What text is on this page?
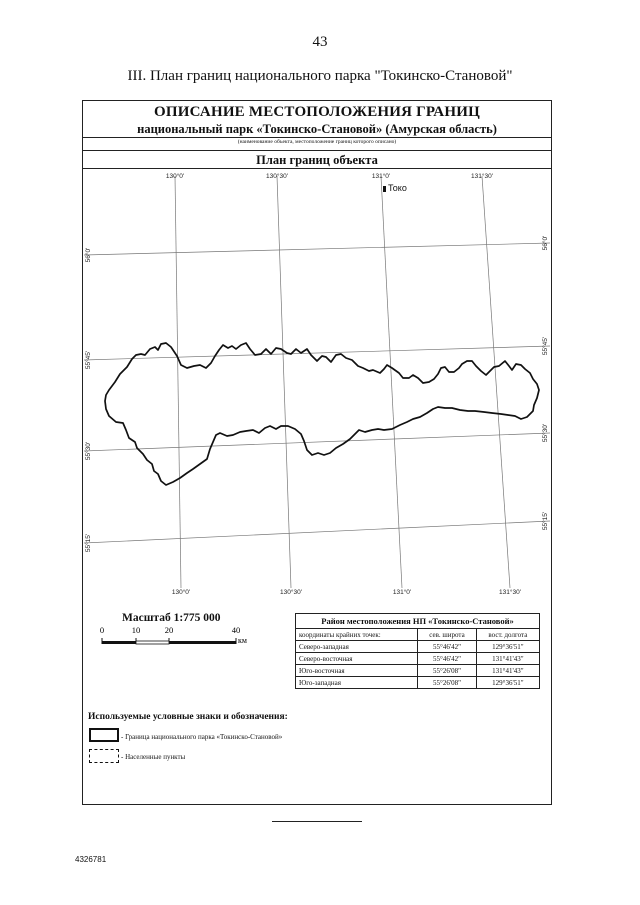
43
III. План границ национального парка "Токинско-Становой"
ОПИСАНИЕ МЕСТОПОЛОЖЕНИЯ ГРАНИЦ
национальный парк «Токинско-Становой» (Амурская область)
(наименование объекта, местоположение границ которого описано)
План границ объекта
130°0'	130°30'	131°0'	131°30'
130°0'	130°30'	131°0'	131°30'
56°0'
55°45'
55°30'
55°15'
56°0'
55°45'
55°30'
55°15'
Токо
Масштаб 1:775 000
0	10	20	40
км
Район местоположения НП «Токинско-Становой»		
координаты крайних точек:	сев. широта	вост. долгота
Северо-западная	55°46'42"	129°36'51"
Северо-восточная	55°46'42"	131°41'43"
Юго-восточная	55°26'08"	131°41'43"
Юго-западная	55°26'08"	129°36'51"
Используемые условные знаки и обозначения:
- Граница национального парка «Токинско-Становой»
- Населенные пункты
4326781
